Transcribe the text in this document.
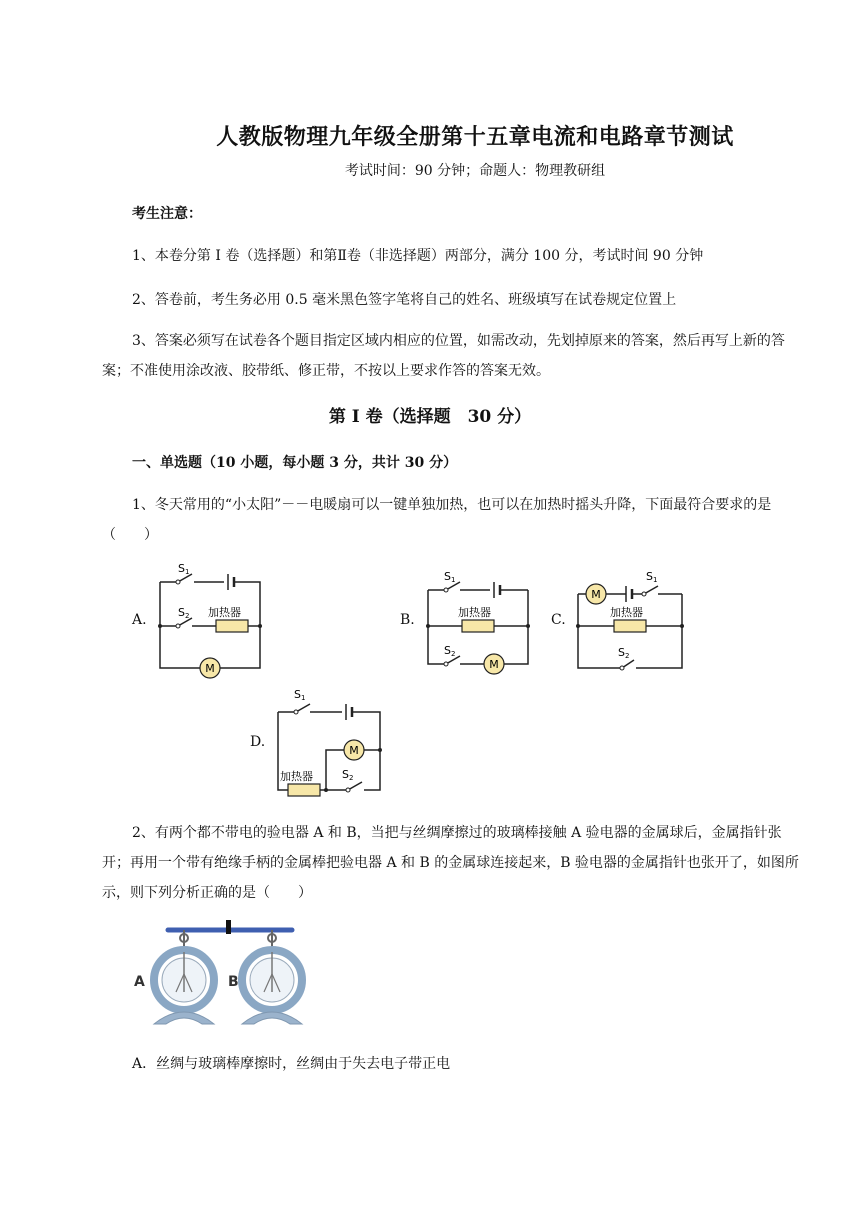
人教版物理九年级全册第十五章电流和电路章节测试
考试时间：90 分钟；命题人：物理教研组
考生注意：
1、本卷分第 I 卷（选择题）和第Ⅱ卷（非选择题）两部分，满分 100 分，考试时间 90 分钟
2、答卷前，考生务必用 0.5 毫米黑色签字笔将自己的姓名、班级填写在试卷规定位置上
3、答案必须写在试卷各个题目指定区域内相应的位置，如需改动，先划掉原来的答案，然后再写上新的答案；不准使用涂改液、胶带纸、修正带，不按以上要求作答的答案无效。
第 I 卷（选择题　30 分）
一、单选题（10 小题，每小题 3 分，共计 30 分）
1、冬天常用的“小太阳”－－电暖扇可以一键单独加热，也可以在加热时摇头升降，下面最符合要求的是（　　）
A.	B.	C.
D.
M
加热器
S 1
S 2
M
加热器
S 1
S 2
M
加热器
S 1
S 2
M
加热器
S 1
S 2
2、有两个都不带电的验电器 A 和 B，当把与丝绸摩擦过的玻璃棒接触 A 验电器的金属球后，金属指针张开；再用一个带有绝缘手柄的金属棒把验电器 A 和 B 的金属球连接起来，B 验电器的金属指针也张开了，如图所示，则下列分析正确的是（　　）
A	B
A．丝绸与玻璃棒摩擦时，丝绸由于失去电子带正电
